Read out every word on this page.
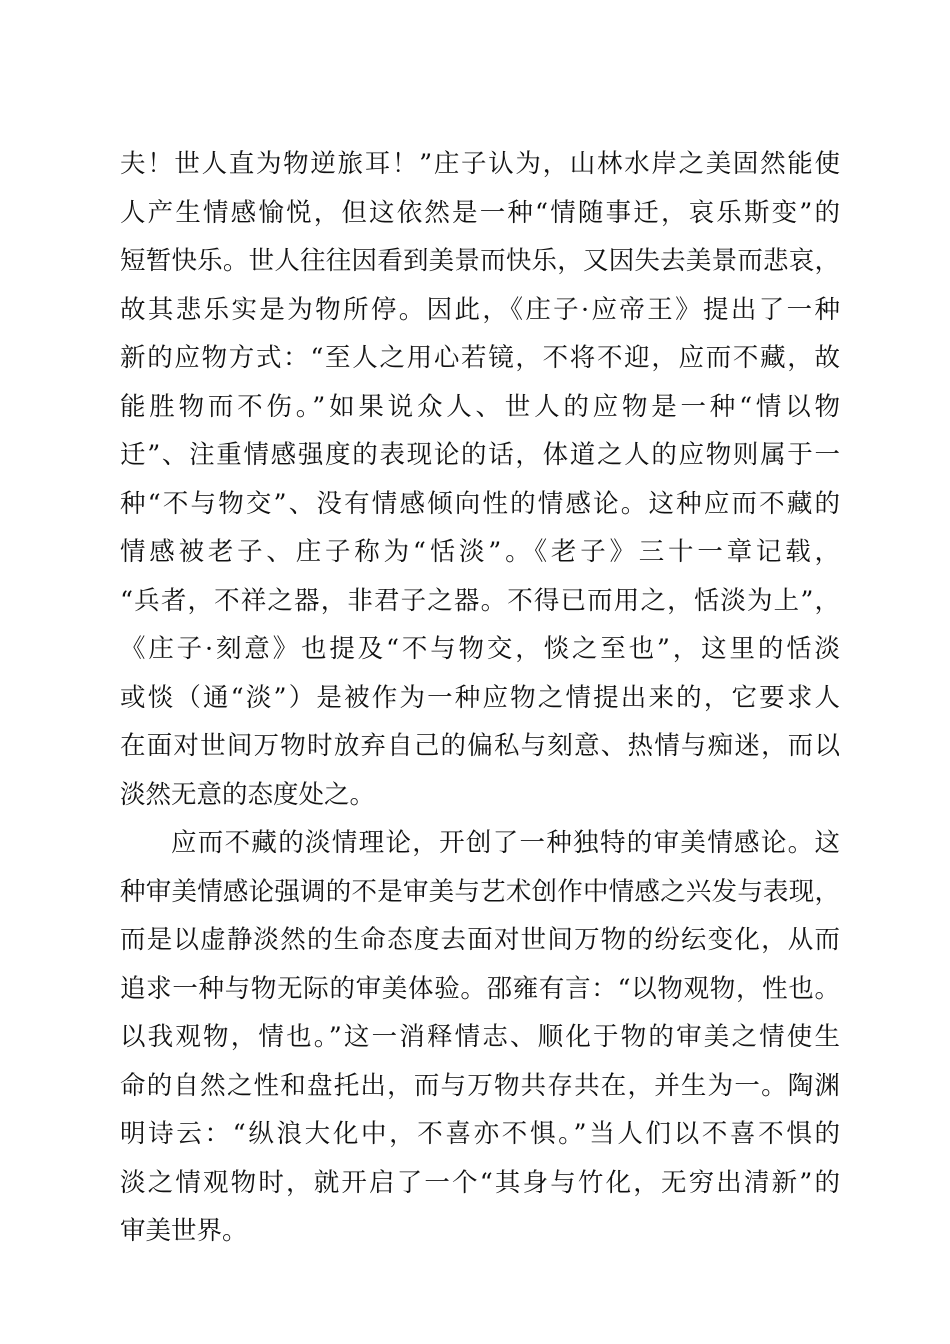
夫！世人直为物逆旅耳！”庄子认为，山林水岸之美固然能使
人产生情感愉悦，但这依然是一种“情随事迁，哀乐斯变”的
短暂快乐。世人往往因看到美景而快乐，又因失去美景而悲哀，
故其悲乐实是为物所停。因此，《庄子·应帝王》提出了一种
新的应物方式：“至人之用心若镜，不将不迎，应而不藏，故
能胜物而不伤。”如果说众人、世人的应物是一种“情以物
迁”、注重情感强度的表现论的话，体道之人的应物则属于一
种“不与物交”、没有情感倾向性的情感论。这种应而不藏的
情感被老子、庄子称为“恬淡”。《老子》三十一章记载，
“兵者，不祥之器，非君子之器。不得已而用之，恬淡为上”，
《庄子·刻意》也提及“不与物交，惔之至也”，这里的恬淡
或惔（通“淡”）是被作为一种应物之情提出来的，它要求人
在面对世间万物时放弃自己的偏私与刻意、热情与痴迷，而以
淡然无意的态度处之。
应而不藏的淡情理论，开创了一种独特的审美情感论。这
种审美情感论强调的不是审美与艺术创作中情感之兴发与表现，
而是以虚静淡然的生命态度去面对世间万物的纷纭变化，从而
追求一种与物无际的审美体验。邵雍有言：“以物观物，性也。
以我观物，情也。”这一消释情志、顺化于物的审美之情使生
命的自然之性和盘托出，而与万物共存共在，并生为一。陶渊
明诗云：“纵浪大化中，不喜亦不惧。”当人们以不喜不惧的
淡之情观物时，就开启了一个“其身与竹化，无穷出清新”的
审美世界。
